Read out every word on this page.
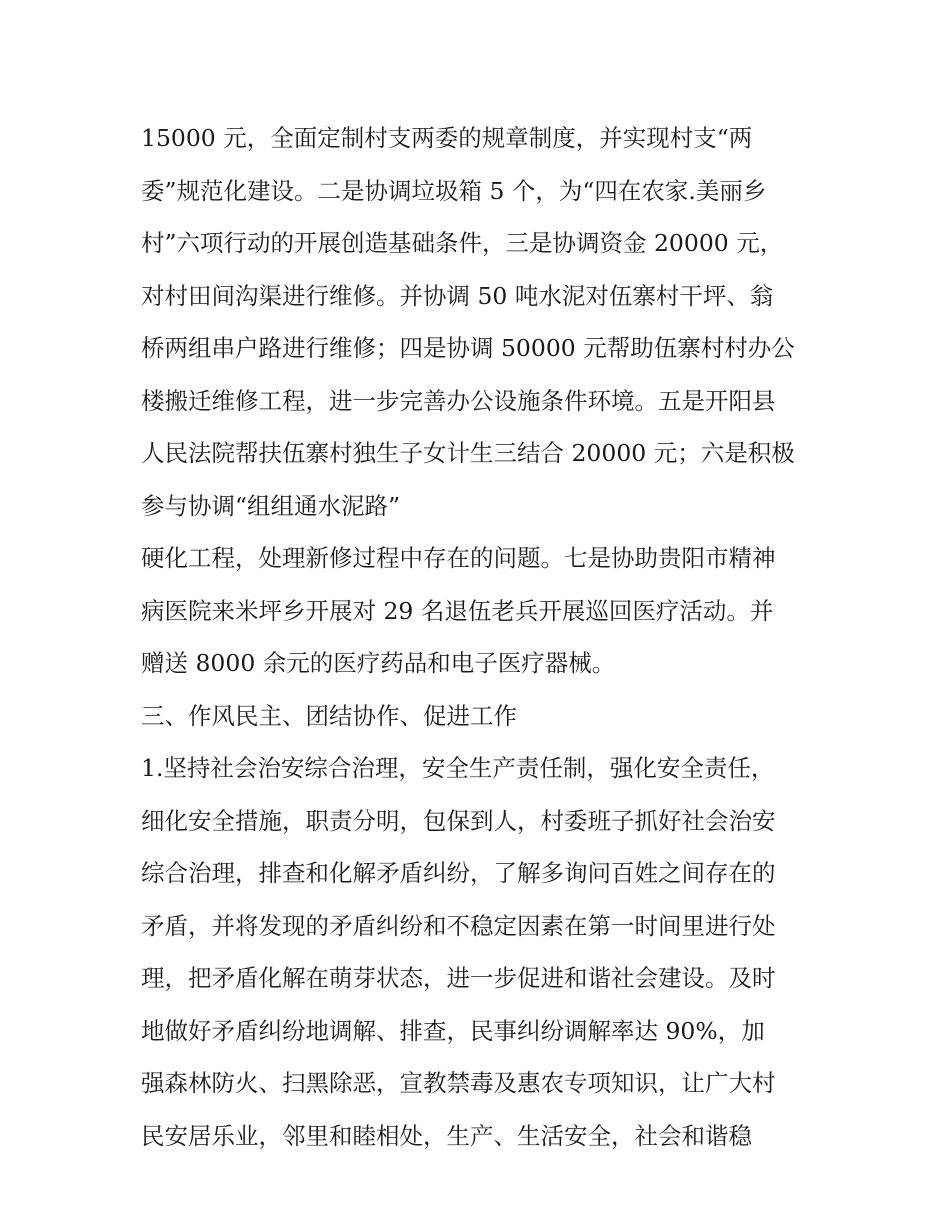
15000 元，全面定制村支两委的规章制度，并实现村支“两
委”规范化建设。二是协调垃圾箱 5 个，为“四在农家.美丽乡
村”六项行动的开展创造基础条件，三是协调资金 20000 元，
对村田间沟渠进行维修。并协调 50 吨水泥对伍寨村干坪、翁
桥两组串户路进行维修；四是协调 50000 元帮助伍寨村村办公
楼搬迁维修工程，进一步完善办公设施条件环境。五是开阳县
人民法院帮扶伍寨村独生子女计生三结合 20000 元；六是积极
参与协调“组组通水泥路”
硬化工程，处理新修过程中存在的问题。七是协助贵阳市精神
病医院来米坪乡开展对 29 名退伍老兵开展巡回医疗活动。并
赠送 8000 余元的医疗药品和电子医疗器械。
三、作风民主、团结协作、促进工作
1.坚持社会治安综合治理，安全生产责任制，强化安全责任，
细化安全措施，职责分明，包保到人，村委班子抓好社会治安
综合治理，排查和化解矛盾纠纷，了解多询问百姓之间存在的
矛盾，并将发现的矛盾纠纷和不稳定因素在第一时间里进行处
理，把矛盾化解在萌芽状态，进一步促进和谐社会建设。及时
地做好矛盾纠纷地调解、排查，民事纠纷调解率达 90%，加
强森林防火、扫黑除恶，宣教禁毒及惠农专项知识，让广大村
民安居乐业，邻里和睦相处，生产、生活安全，社会和谐稳
